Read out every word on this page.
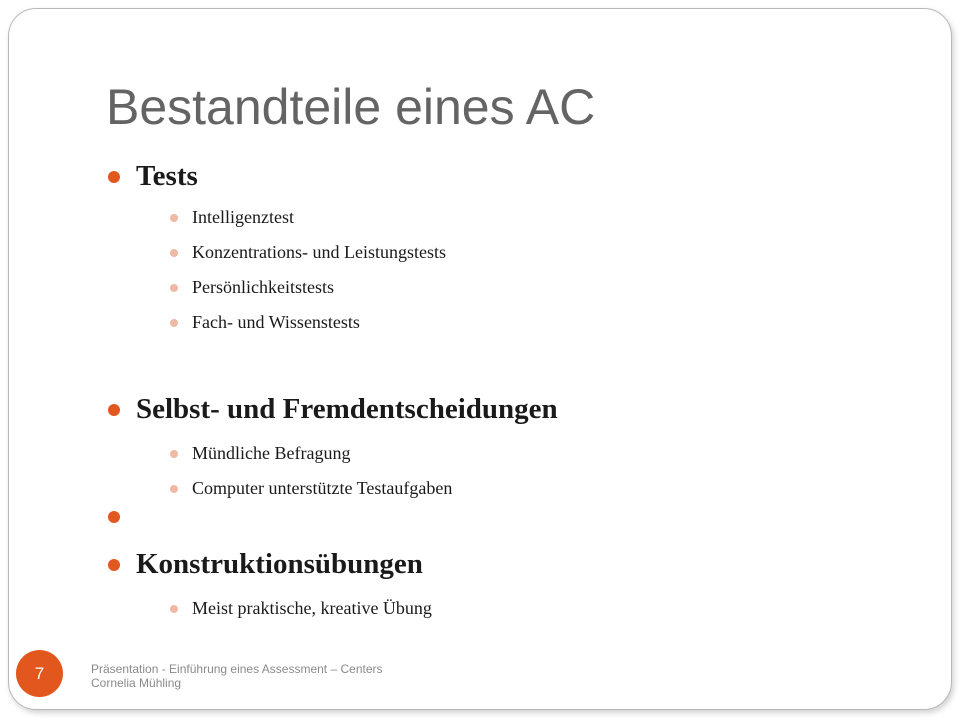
Bestandteile eines AC
Tests
Intelligenztest
Konzentrations- und Leistungstests
Persönlichkeitstests
Fach- und Wissenstests
Selbst- und Fremdentscheidungen
Mündliche Befragung
Computer unterstützte Testaufgaben
Konstruktionsübungen
Meist praktische, kreative Übung
7	Präsentation - Einführung eines Assessment – Centers
Cornelia Mühling
